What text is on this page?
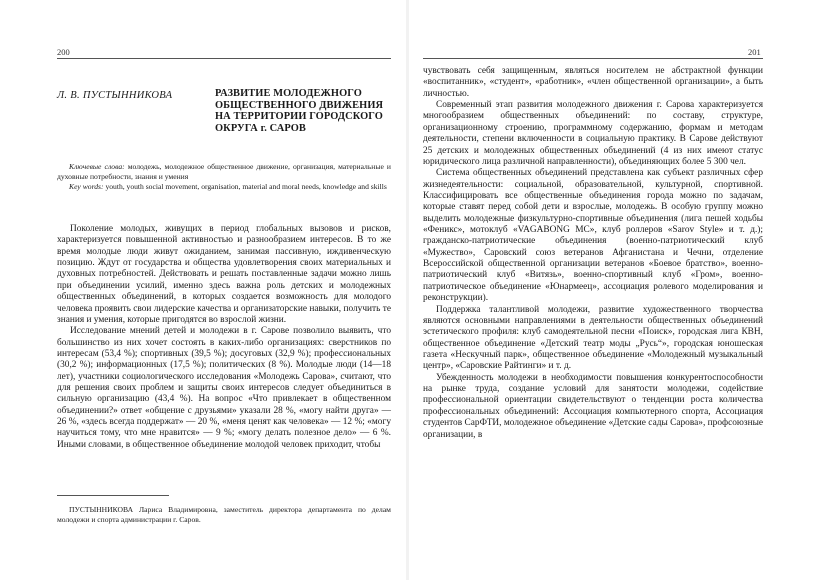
200
Л. В. ПУСТЫННИКОВА	РАЗВИТИЕ МОЛОДЕЖНОГО ОБЩЕСТВЕННОГО ДВИЖЕНИЯ НА ТЕРРИТОРИИ ГОРОДСКОГО ОКРУГА г. САРОВ
Ключевые слова: молодежь, молодежное общественное движение, организация, материальные и духовные потребности, знания и умения
Key words: youth, youth social movement, organisation, material and moral needs, knowledge and skills

Поколение молодых, живущих в период глобальных вызовов и рисков, характеризуется повышенной активностью и разнообразием интересов. В то же время молодые люди живут ожиданием, занимая пассивную, иждивенческую позицию. Ждут от государства и общества удовлетворения своих материальных и духовных потребностей. Действовать и решать поставленные задачи можно лишь при объединении усилий, именно здесь важна роль детских и молодежных общественных объединений, в которых создается возможность для молодого человека проявить свои лидерские качества и организаторские навыки, получить те знания и умения, которые пригодятся во взрослой жизни.

Исследование мнений детей и молодежи в г. Сарове позволило выявить, что большинство из них хочет состоять в каких-либо организациях: сверстников по интересам (53,4 %); спортивных (39,5 %); досуговых (32,9 %); профессиональных (30,2 %); информационных (17,5 %); политических (8 %). Молодые люди (14—18 лет), участники социологического исследования «Молодежь Сарова», считают, что для решения своих проблем и защиты своих интересов следует объединиться в сильную организацию (43,4 %). На вопрос «Что привлекает в общественном объединении?» ответ «общение с друзьями» указали 28 %, «могу найти друга» — 26 %, «здесь всегда поддержат» — 20 %, «меня ценят как человека» — 12 %; «могу научиться тому, что мне нравится» — 9 %; «могу делать полезное дело» — 6 %. Иными словами, в общественное объединение молодой человек приходит, чтобы

ПУСТЫННИКОВА Лариса Владимировна, заместитель директора департамента по делам молодежи и спорта администрации г. Саров.
201

чувствовать себя защищенным, являться носителем не абстрактной функции «воспитанник», «студент», «работник», «член общественной организации», а быть личностью.

Современный этап развития молодежного движения г. Сарова характеризуется многообразием общественных объединений: по составу, структуре, организационному строению, программному содержанию, формам и методам деятельности, степени включенности в социальную практику. В Сарове действуют 25 детских и молодежных общественных объединений (4 из них имеют статус юридического лица различной направленности), объединяющих более 5 300 чел.

Система общественных объединений представлена как субъект различных сфер жизнедеятельности: социальной, образовательной, культурной, спортивной. Классифицировать все общественные объединения города можно по задачам, которые ставят перед собой дети и взрослые, молодежь. В особую группу можно выделить молодежные физкультурно-спортивные объединения (лига пешей ходьбы «Феникс», мотоклуб «VAGABONG MC», клуб роллеров «Sarov Style» и т. д.); гражданско-патриотические объединения (военно-патриотический клуб «Мужество», Саровский союз ветеранов Афганистана и Чечни, отделение Всероссийской общественной организации ветеранов «Боевое братство», военно-патриотический клуб «Витязь», военно-спортивный клуб «Гром», военно-патриотическое объединение «Юнармеец», ассоциация ролевого моделирования и реконструкции).

Поддержка талантливой молодежи, развитие художественного творчества являются основными направлениями в деятельности общественных объединений эстетического профиля: клуб самодеятельной песни «Поиск», городская лига КВН, общественное объединение «Детский театр моды „Русь“», городская юношеская газета «Нескучный парк», общественное объединение «Молодежный музыкальный центр», «Саровские Райтинги» и т. д.

Убежденность молодежи в необходимости повышения конкурентоспособности на рынке труда, создание условий для занятости молодежи, содействие профессиональной ориентации свидетельствуют о тенденции роста количества профессиональных объединений: Ассоциация компьютерного спорта, Ассоциация студентов СарФТИ, молодежное объединение «Детские сады Сарова», профсоюзные организации, в
